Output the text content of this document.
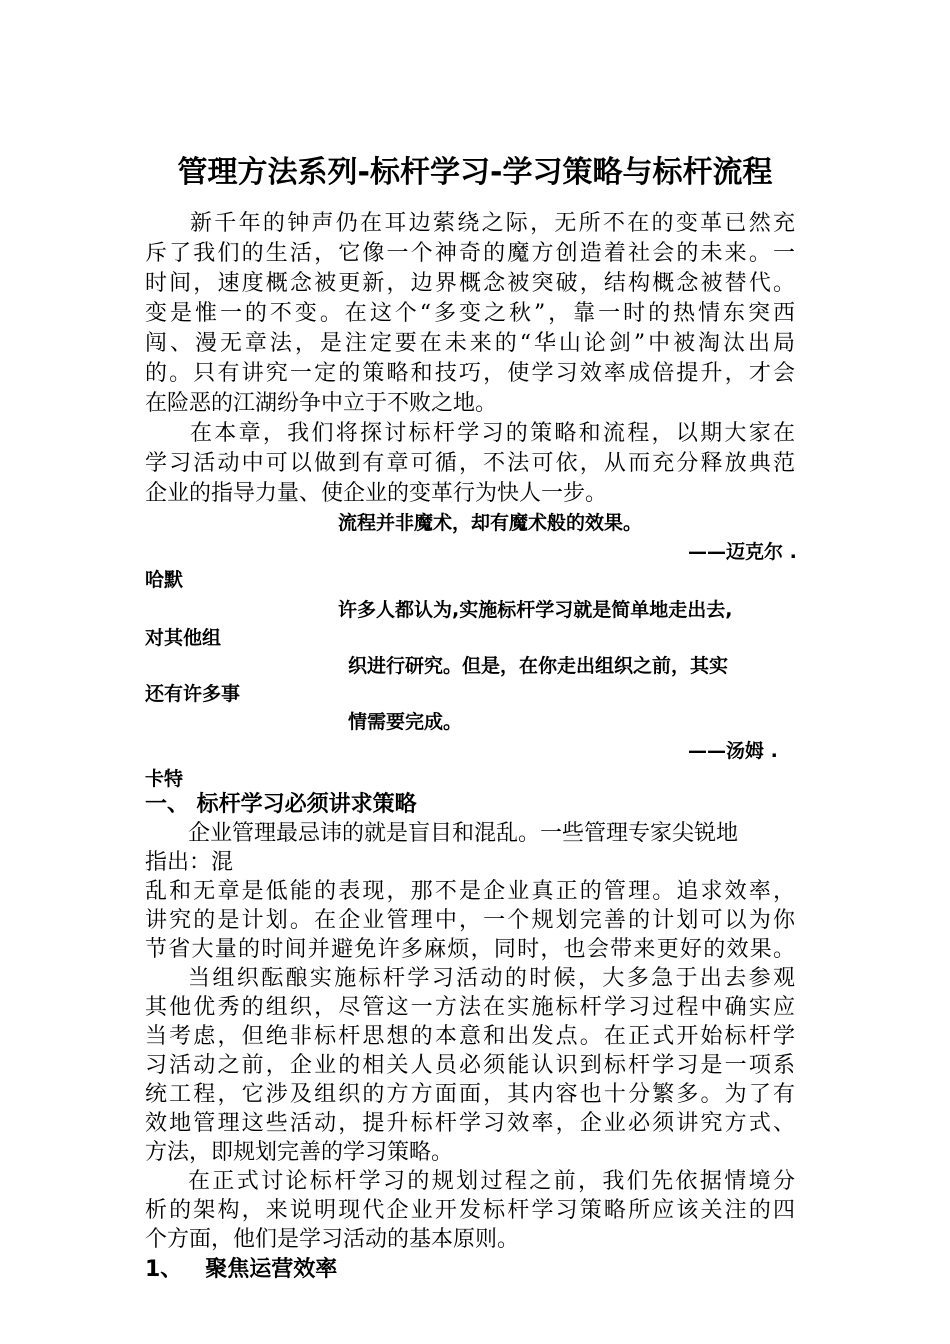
管理方法系列-标杆学习-学习策略与标杆流程
新千年的钟声仍在耳边萦绕之际，无所不在的变革已然充
斥了我们的生活，它像一个神奇的魔方创造着社会的未来。一
时间，速度概念被更新，边界概念被突破，结构概念被替代。
变是惟一的不变。在这个“多变之秋”，靠一时的热情东突西
闯、漫无章法，是注定要在未来的“华山论剑”中被淘汰出局
的。只有讲究一定的策略和技巧，使学习效率成倍提升，才会
在险恶的江湖纷争中立于不败之地。
在本章，我们将探讨标杆学习的策略和流程，以期大家在
学习活动中可以做到有章可循，不法可依，从而充分释放典范
企业的指导力量、使企业的变革行为快人一步。
流程并非魔术，却有魔术般的效果。
——迈克尔 .
哈默
许多人都认为,实施标杆学习就是简单地走出去,
对其他组
织进行研究。但是，在你走出组织之前，其实
还有许多事
情需要完成。
——汤姆 .
卡特
一、 标杆学习必须讲求策略
企业管理最忌讳的就是盲目和混乱。一些管理专家尖锐地
指出：混
乱和无章是低能的表现，那不是企业真正的管理。追求效率，
讲究的是计划。在企业管理中，一个规划完善的计划可以为你
节省大量的时间并避免许多麻烦，同时，也会带来更好的效果。
当组织酝酿实施标杆学习活动的时候，大多急于出去参观
其他优秀的组织，尽管这一方法在实施标杆学习过程中确实应
当考虑，但绝非标杆思想的本意和出发点。在正式开始标杆学
习活动之前，企业的相关人员必须能认识到标杆学习是一项系
统工程，它涉及组织的方方面面，其内容也十分繁多。为了有
效地管理这些活动，提升标杆学习效率，企业必须讲究方式、
方法，即规划完善的学习策略。
在正式讨论标杆学习的规划过程之前，我们先依据情境分
析的架构，来说明现代企业开发标杆学习策略所应该关注的四
个方面，他们是学习活动的基本原则。
1、   聚焦运营效率
